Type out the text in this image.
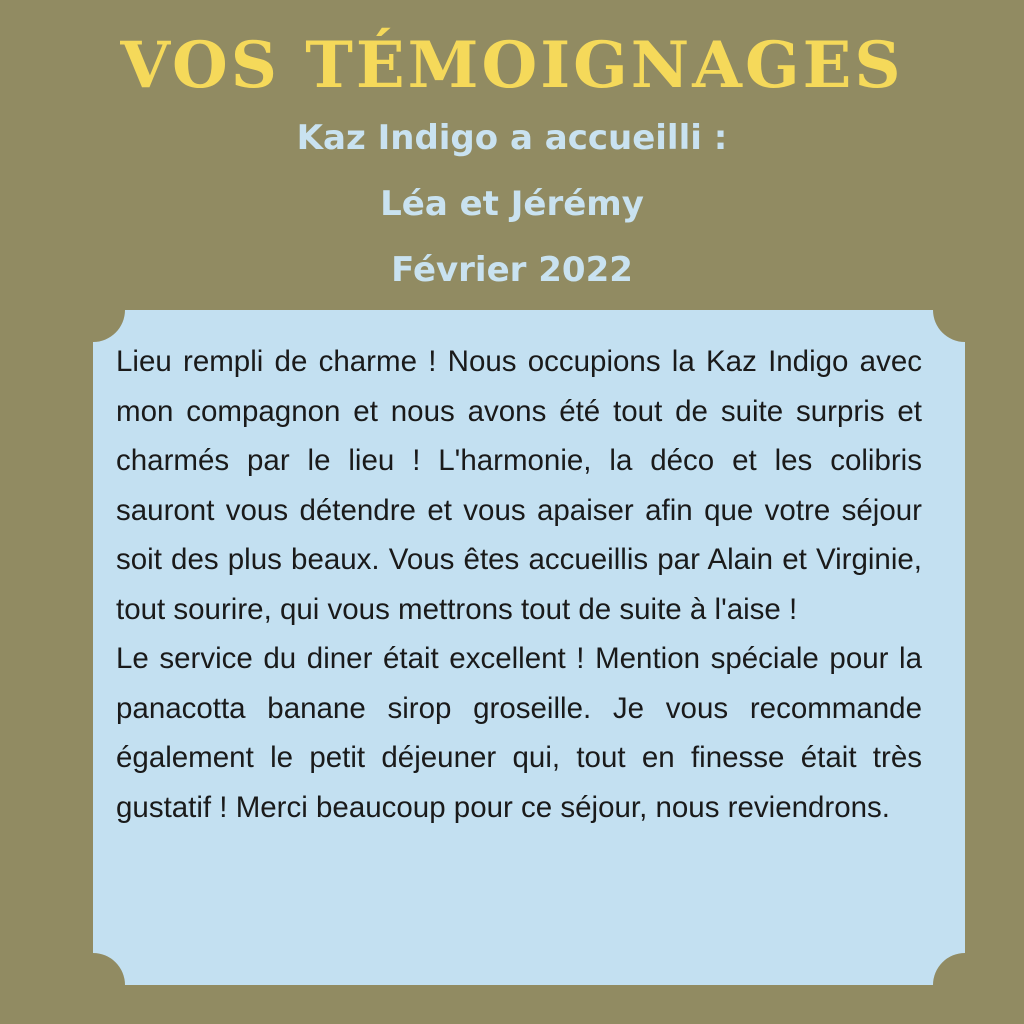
VOS TÉMOIGNAGES
Kaz Indigo a accueilli :
Léa et Jérémy
Février 2022

Lieu rempli de charme ! Nous occupions la Kaz Indigo avec mon compagnon et nous avons été tout de suite surpris et charmés par le lieu ! L'harmonie, la déco et les colibris sauront vous détendre et vous apaiser afin que votre séjour soit des plus beaux. Vous êtes accueillis par Alain et Virginie, tout sourire, qui vous mettrons tout de suite à l'aise !

Le service du diner était excellent ! Mention spéciale pour la panacotta banane sirop groseille. Je vous recommande également le petit déjeuner qui, tout en finesse était très gustatif ! Merci beaucoup pour ce séjour, nous reviendrons.
